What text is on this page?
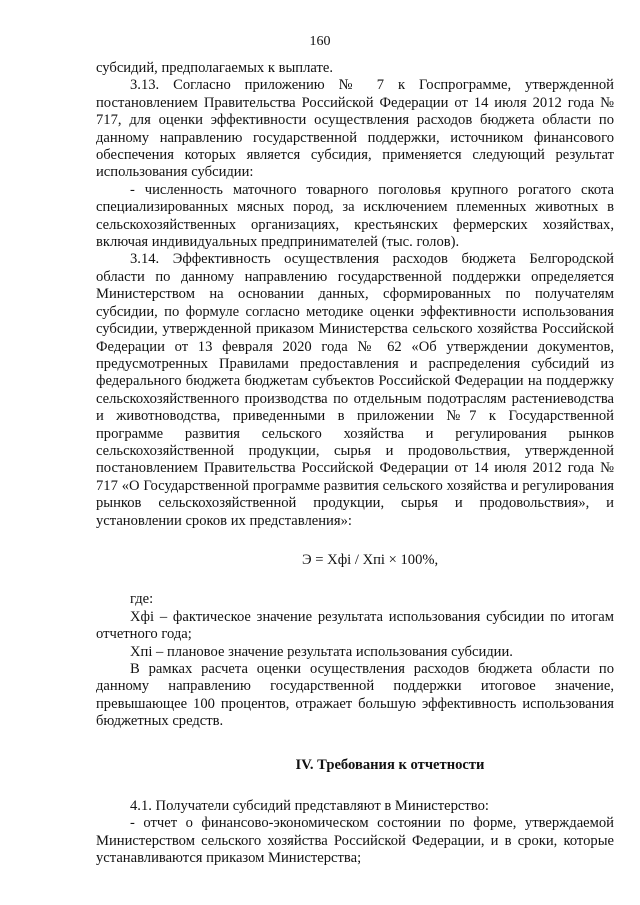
160

субсидий, предполагаемых к выплате.

3.13. Согласно приложению № 7 к Госпрограмме, утвержденной постановлением Правительства Российской Федерации от 14 июля 2012 года № 717, для оценки эффективности осуществления расходов бюджета области по данному направлению государственной поддержки, источником финансового обеспечения которых является субсидия, применяется следующий результат использования субсидии:

- численность маточного товарного поголовья крупного рогатого скота специализированных мясных пород, за исключением племенных животных в сельскохозяйственных организациях, крестьянских фермерских хозяйствах, включая индивидуальных предпринимателей (тыс. голов).

3.14. Эффективность осуществления расходов бюджета Белгородской области по данному направлению государственной поддержки определяется Министерством на основании данных, сформированных по получателям субсидии, по формуле согласно методике оценки эффективности использования субсидии, утвержденной приказом Министерства сельского хозяйства Российской Федерации от 13 февраля 2020 года № 62 «Об утверждении документов, предусмотренных Правилами предоставления и распределения субсидий из федерального бюджета бюджетам субъектов Российской Федерации на поддержку сельскохозяйственного производства по отдельным подотраслям растениеводства и животноводства, приведенными в приложении №7 к Государственной программе развития сельского хозяйства и регулирования рынков сельскохозяйственной продукции, сырья и продовольствия, утвержденной постановлением Правительства Российской Федерации от 14 июля 2012 года № 717 «О Государственной программе развития сельского хозяйства и регулирования рынков сельскохозяйственной продукции, сырья и продовольствия», и установлении сроков их представления»:

Э = Хфі / Хпі × 100%,

где:

Хфі – фактическое значение результата использования субсидии по итогам отчетного года;

Хпі – плановое значение результата использования субсидии.

В рамках расчета оценки осуществления расходов бюджета области по данному направлению государственной поддержки итоговое значение, превышающее 100 процентов, отражает большую эффективность использования бюджетных средств.

IV. Требования к отчетности

4.1. Получатели субсидий представляют в Министерство:

- отчет о финансово-экономическом состоянии по форме, утверждаемой Министерством сельского хозяйства Российской Федерации, и в сроки, которые устанавливаются приказом Министерства;
